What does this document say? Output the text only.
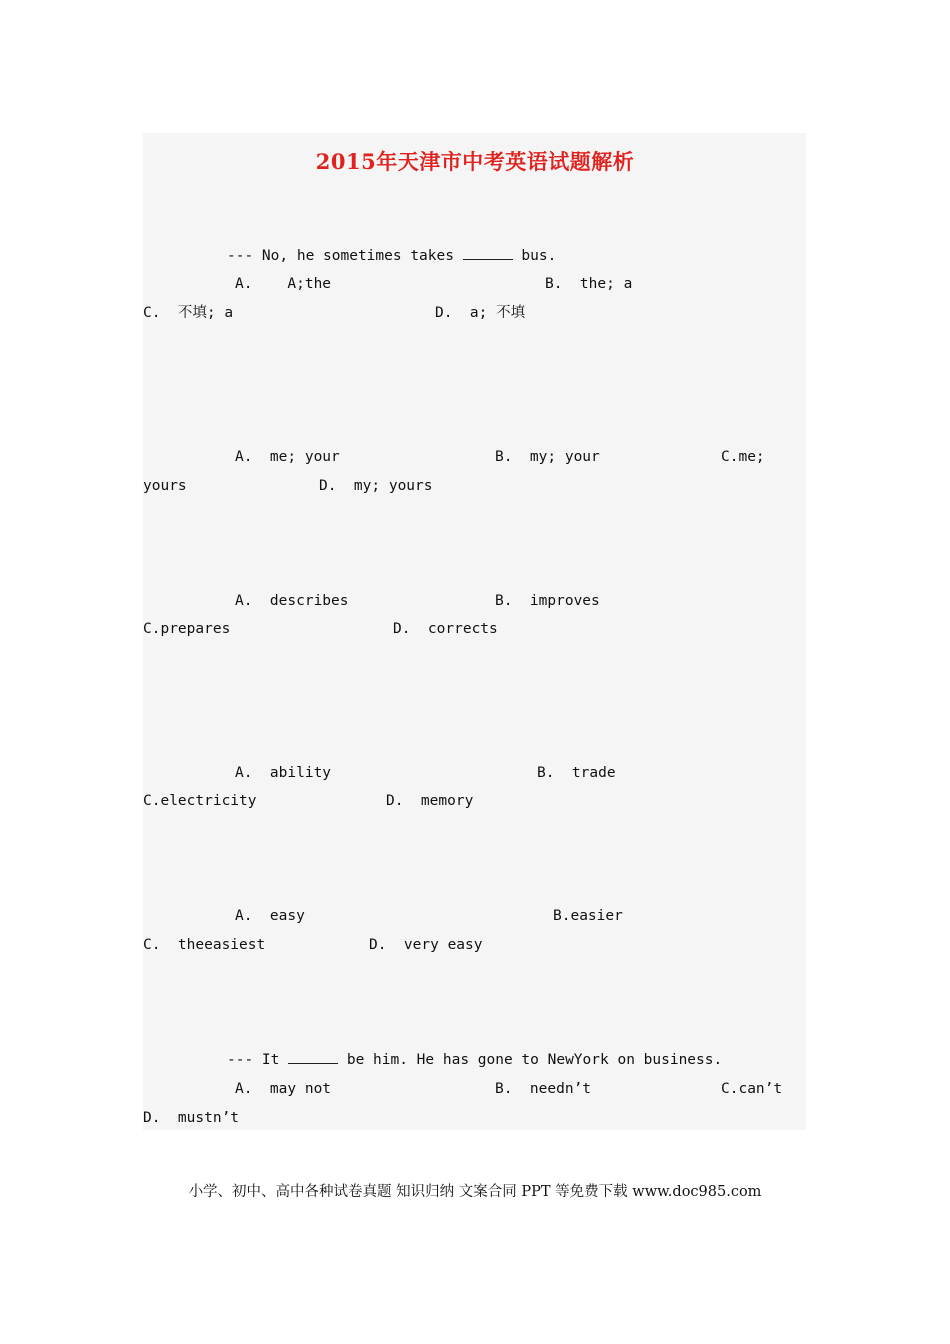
2015年天津市中考英语试题解析

--- No, he sometimes takes	bus.

A.    A;the

	B.  the; a

C.  不填; a

	D.  a; 不填

A.  me; your

	B.  my; your

	C.me;

yours

	D.  my; yours

A.  describes

	B.  improves

C.prepares

	D.  corrects

A.  ability

	B.  trade

C.electricity

	D.  memory

A.  easy

	B.easier

C.  theeasiest

	D.  very easy

--- It	be him. He has gone to NewYork on business.

A.  may not

	B.  needn’t

	C.can’t

D.  mustn’t

小学、初中、高中各种试卷真题 知识归纳 文案合同 PPT 等免费下载 www.doc985.com
